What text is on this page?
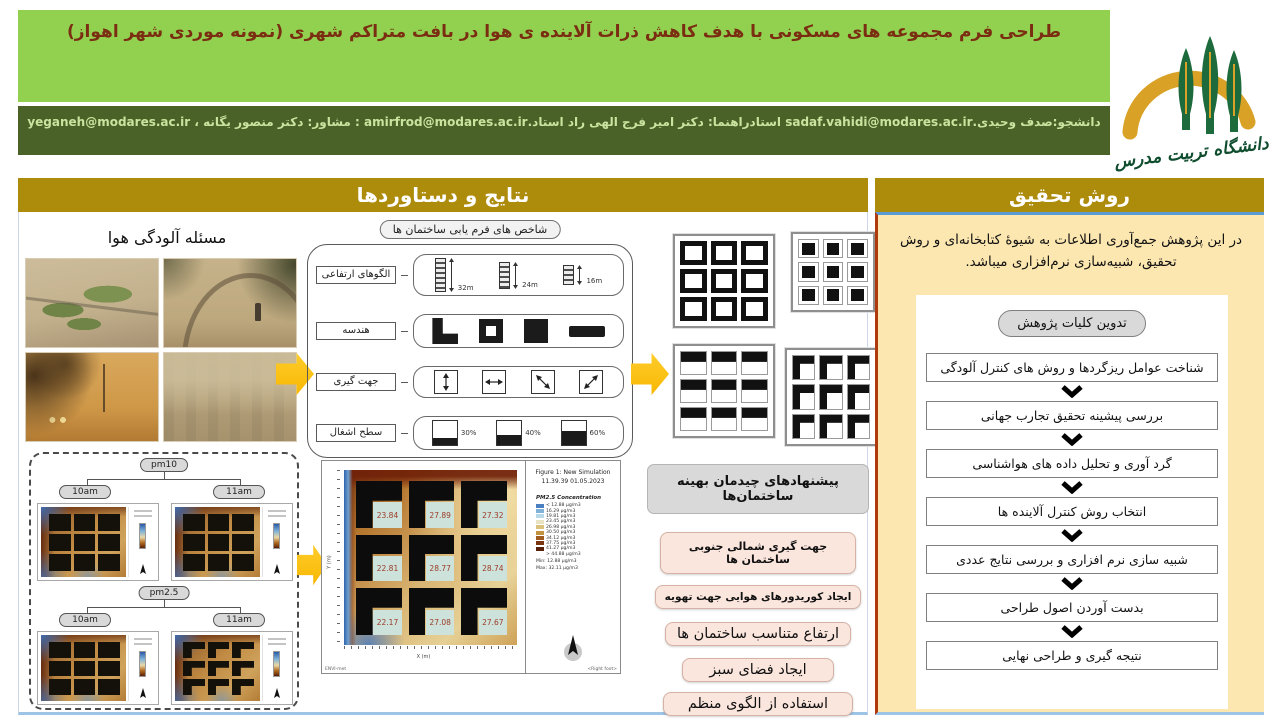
طراحی فرم مجموعه های مسکونی با هدف کاهش ذرات آلاینده ی هوا در بافت متراکم شهری (نمونه موردی شهر اهواز)
دانشجو:صدف وحیدی.sadaf.vahidi@modares.ac.ir استادراهنما: دکتر امیر فرج الهی راد استاد.amirfrod@modares.ac.ir : مشاور: دکتر منصور یگانه ، yeganeh@modares.ac.ir
دانشگاه تربیت مدرس
نتایج و دستاوردها	روش تحقیق
مسئله آلودگی هوا	شاخص های فرم یابی ساختمان ها
الگوهای ارتفاعی
32m	24m	16m
هندسه
جهت گیری
سطح اشغال	30%	40%	60%
pm10
10am	11am
pm2.5
10am	11am
Y (m)
23.84	27.89	27.32
22.81	28.77	28.74
22.17	27.08	27.67
X (m)
ENVI-met
Figure 1: New Simulation
11.39.39 01.05.2023
PM2.5 Concentration
< 12.88 µg/m3
16.29 µg/m3
19.81 µg/m3
23.45 µg/m3
26.98 µg/m3
30.50 µg/m3
34.12 µg/m3
37.75 µg/m3
41.27 µg/m3
> 44.88 µg/m3
Min: 12.88 µg/m3
Max: 32.11 µg/m3
<Right foot>
پیشنهادهای چیدمان بهینه ساختمان‌ها
جهت گیری شمالی جنوبی ساختمان ها
ایجاد کوریدورهای هوایی جهت تهویه
ارتفاع متناسب ساختمان ها
ایجاد فضای سبز
استفاده از الگوی منظم
در این پژوهش جمع‌آوری اطلاعات به شیوۀ کتابخانه‌ای و روش تحقیق، شبیه‌سازی نرم‌افزاری میباشد.
تدوین کلیات پژوهش
شناخت عوامل ریزگردها و روش های کنترل آلودگی
بررسی پیشینه تحقیق تجارب جهانی
گرد آوری و تحلیل داده های هواشناسی
انتخاب روش کنترل آلاینده ها
شبیه سازی نرم افزاری و بررسی نتایج عددی
بدست آوردن اصول طراحی
نتیجه گیری و طراحی نهایی
